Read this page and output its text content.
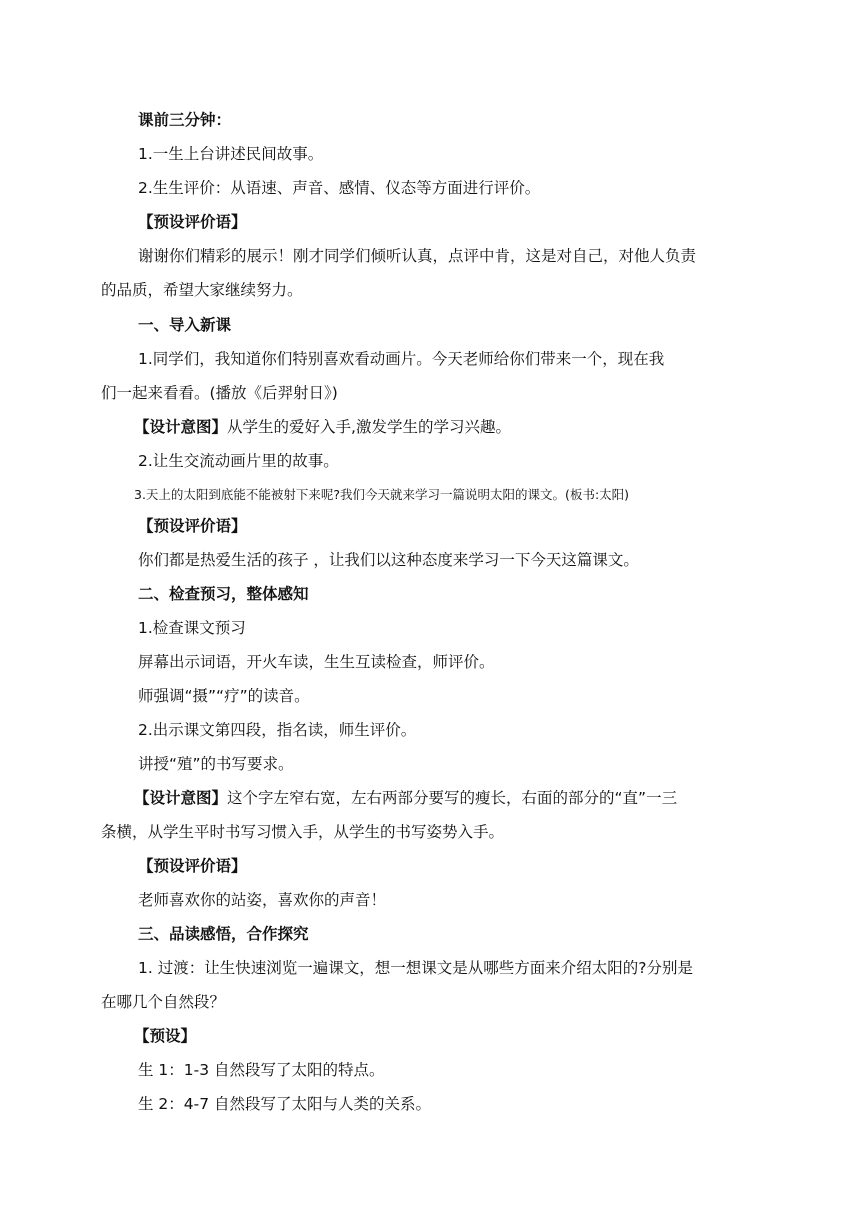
课前三分钟：
1.一生上台讲述民间故事。
2.生生评价：从语速、声音、感情、仪态等方面进行评价。
【预设评价语】
谢谢你们精彩的展示！刚才同学们倾听认真，点评中肯，这是对自己，对他人负责
的品质，希望大家继续努力。
一、导入新课
1.同学们，我知道你们特别喜欢看动画片。今天老师给你们带来一个，现在我
们一起来看看。(播放《后羿射日》)
【设计意图】从学生的爱好入手,激发学生的学习兴趣。
2.让生交流动画片里的故事。
3.天上的太阳到底能不能被射下来呢?我们今天就来学习一篇说明太阳的课文。(板书:太阳)
【预设评价语】
你们都是热爱生活的孩子 ，让我们以这种态度来学习一下今天这篇课文。
二、检查预习，整体感知
1.检查课文预习
屏幕出示词语，开火车读，生生互读检查，师评价。
师强调“摄”“疗”的读音。
2.出示课文第四段，指名读，师生评价。
讲授“殖”的书写要求。
【设计意图】这个字左窄右宽，左右两部分要写的瘦长，右面的部分的“直”一三
条横，从学生平时书写习惯入手，从学生的书写姿势入手。
【预设评价语】
老师喜欢你的站姿，喜欢你的声音！
三、品读感悟，合作探究
1. 过渡：让生快速浏览一遍课文，想一想课文是从哪些方面来介绍太阳的?分别是
在哪几个自然段？
【预设】
生 1：1-3 自然段写了太阳的特点。
生 2：4-7 自然段写了太阳与人类的关系。
